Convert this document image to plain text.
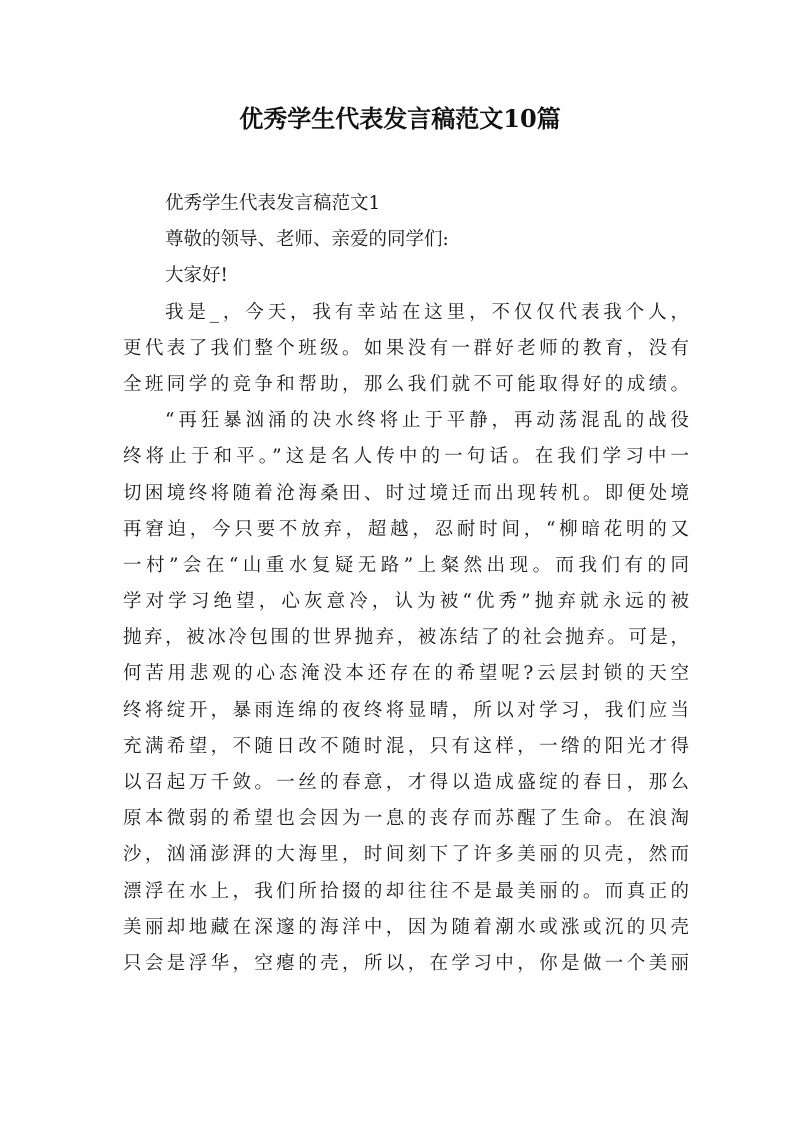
优秀学生代表发言稿范文10篇
优秀学生代表发言稿范文1
尊敬的领导、老师、亲爱的同学们:
大家好!
我是_，今天，我有幸站在这里，不仅仅代表我个人，
更代表了我们整个班级。如果没有一群好老师的教育，没有
全班同学的竞争和帮助，那么我们就不可能取得好的成绩。
“再狂暴汹涌的决水终将止于平静，再动荡混乱的战役
终将止于和平。”这是名人传中的一句话。在我们学习中一
切困境终将随着沧海桑田、时过境迁而出现转机。即便处境
再窘迫，今只要不放弃，超越，忍耐时间，“柳暗花明的又
一村”会在“山重水复疑无路”上粲然出现。而我们有的同
学对学习绝望，心灰意冷，认为被“优秀”抛弃就永远的被
抛弃，被冰冷包围的世界抛弃，被冻结了的社会抛弃。可是，
何苦用悲观的心态淹没本还存在的希望呢?云层封锁的天空
终将绽开，暴雨连绵的夜终将显晴，所以对学习，我们应当
充满希望，不随日改不随时混，只有这样，一绺的阳光才得
以召起万千敛。一丝的春意，才得以造成盛绽的春日，那么
原本微弱的希望也会因为一息的丧存而苏醒了生命。在浪淘
沙，汹涌澎湃的大海里，时间刻下了许多美丽的贝壳，然而
漂浮在水上，我们所拾掇的却往往不是最美丽的。而真正的
美丽却地藏在深邃的海洋中，因为随着潮水或涨或沉的贝壳
只会是浮华，空瘪的壳，所以，在学习中，你是做一个美丽
